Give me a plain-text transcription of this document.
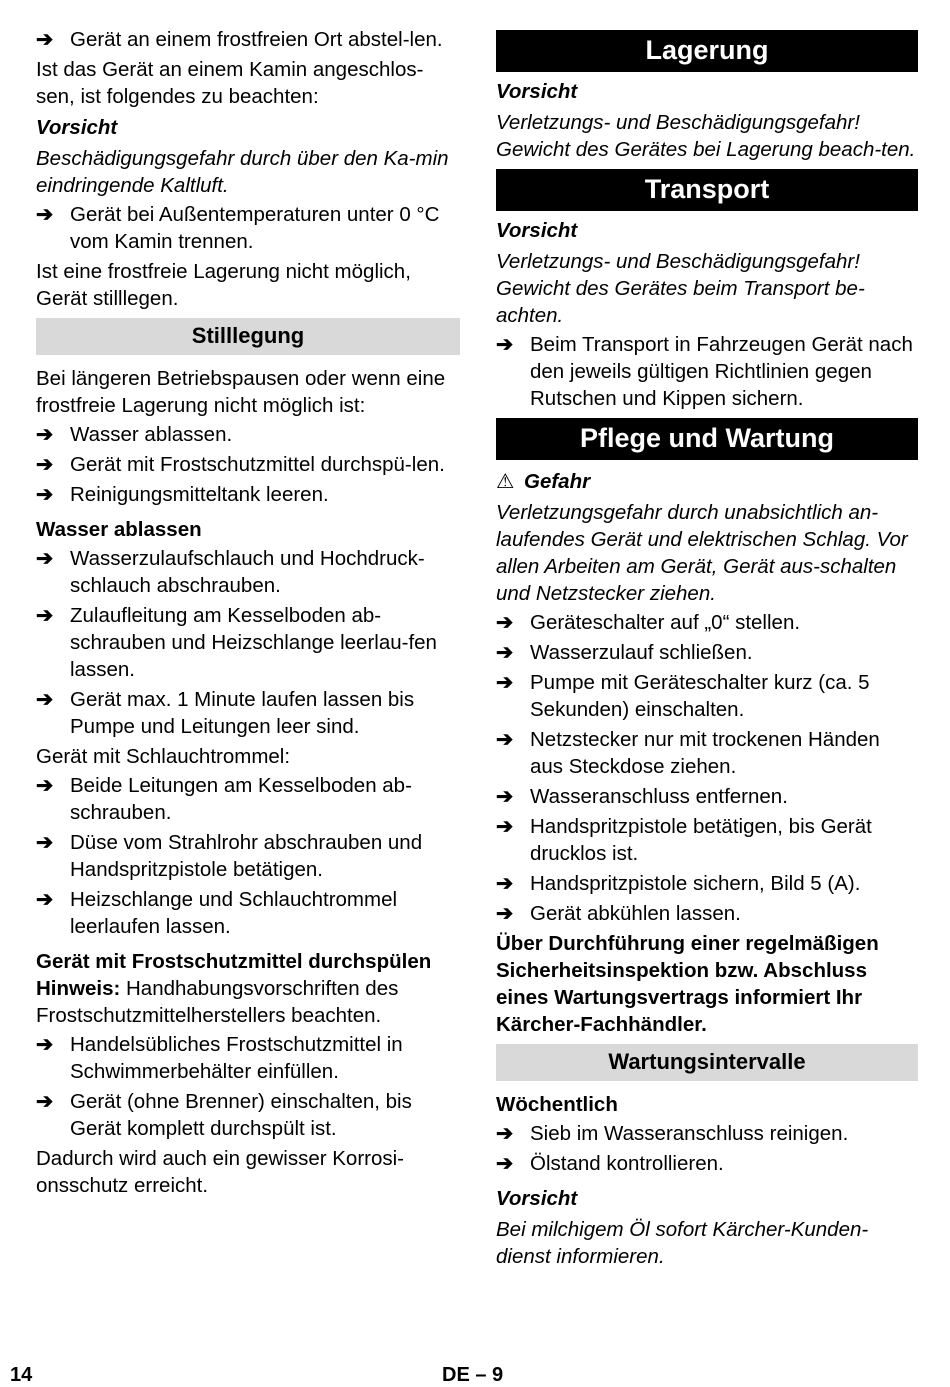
➔ Gerät an einem frostfreien Ort abstel-len.

Ist das Gerät an einem Kamin angeschlos-sen, ist folgendes zu beachten:

Vorsicht

Beschädigungsgefahr durch über den Ka-min eindringende Kaltluft.

➔ Gerät bei Außentemperaturen unter 0 °C vom Kamin trennen.

Ist eine frostfreie Lagerung nicht möglich, Gerät stilllegen.

Stilllegung

Bei längeren Betriebspausen oder wenn eine frostfreie Lagerung nicht möglich ist:

➔ Wasser ablassen.
➔ Gerät mit Frostschutzmittel durchspü-len.
➔ Reinigungsmitteltank leeren.
Wasser ablassen
➔ Wasserzulaufschlauch und Hochdruck-schlauch abschrauben.
➔ Zulaufleitung am Kesselboden ab-schrauben und Heizschlange leerlau-fen lassen.
➔ Gerät max. 1 Minute laufen lassen bis Pumpe und Leitungen leer sind.

Gerät mit Schlauchtrommel:

➔ Beide Leitungen am Kesselboden ab-schrauben.
➔ Düse vom Strahlrohr abschrauben und Handspritzpistole betätigen.
➔ Heizschlange und Schlauchtrommel leerlaufen lassen.
Gerät mit Frostschutzmittel durchspülen

Hinweis: Handhabungsvorschriften des Frostschutzmittelherstellers beachten.

➔ Handelsübliches Frostschutzmittel in Schwimmerbehälter einfüllen.
➔ Gerät (ohne Brenner) einschalten, bis Gerät komplett durchspült ist.

Dadurch wird auch ein gewisser Korrosi-onsschutz erreicht.

Lagerung

Vorsicht

Verletzungs- und Beschädigungsgefahr! Gewicht des Gerätes bei Lagerung beach-ten.

Transport

Vorsicht

Verletzungs- und Beschädigungsgefahr! Gewicht des Gerätes beim Transport be-achten.

➔ Beim Transport in Fahrzeugen Gerät nach den jeweils gültigen Richtlinien gegen Rutschen und Kippen sichern.
Pflege und Wartung

⚠ Gefahr

Verletzungsgefahr durch unabsichtlich an-laufendes Gerät und elektrischen Schlag. Vor allen Arbeiten am Gerät, Gerät aus-schalten und Netzstecker ziehen.

➔ Geräteschalter auf „0“ stellen.
➔ Wasserzulauf schließen.
➔ Pumpe mit Geräteschalter kurz (ca. 5 Sekunden) einschalten.
➔ Netzstecker nur mit trockenen Händen aus Steckdose ziehen.
➔ Wasseranschluss entfernen.
➔ Handspritzpistole betätigen, bis Gerät drucklos ist.
➔ Handspritzpistole sichern, Bild 5 (A).
➔ Gerät abkühlen lassen.

Über Durchführung einer regelmäßigen Sicherheitsinspektion bzw. Abschluss eines Wartungsvertrags informiert Ihr Kärcher-Fachhändler.

Wartungsintervalle
Wöchentlich
➔ Sieb im Wasseranschluss reinigen.
➔ Ölstand kontrollieren.

Vorsicht

Bei milchigem Öl sofort Kärcher-Kunden-dienst informieren.

14	DE – 9
